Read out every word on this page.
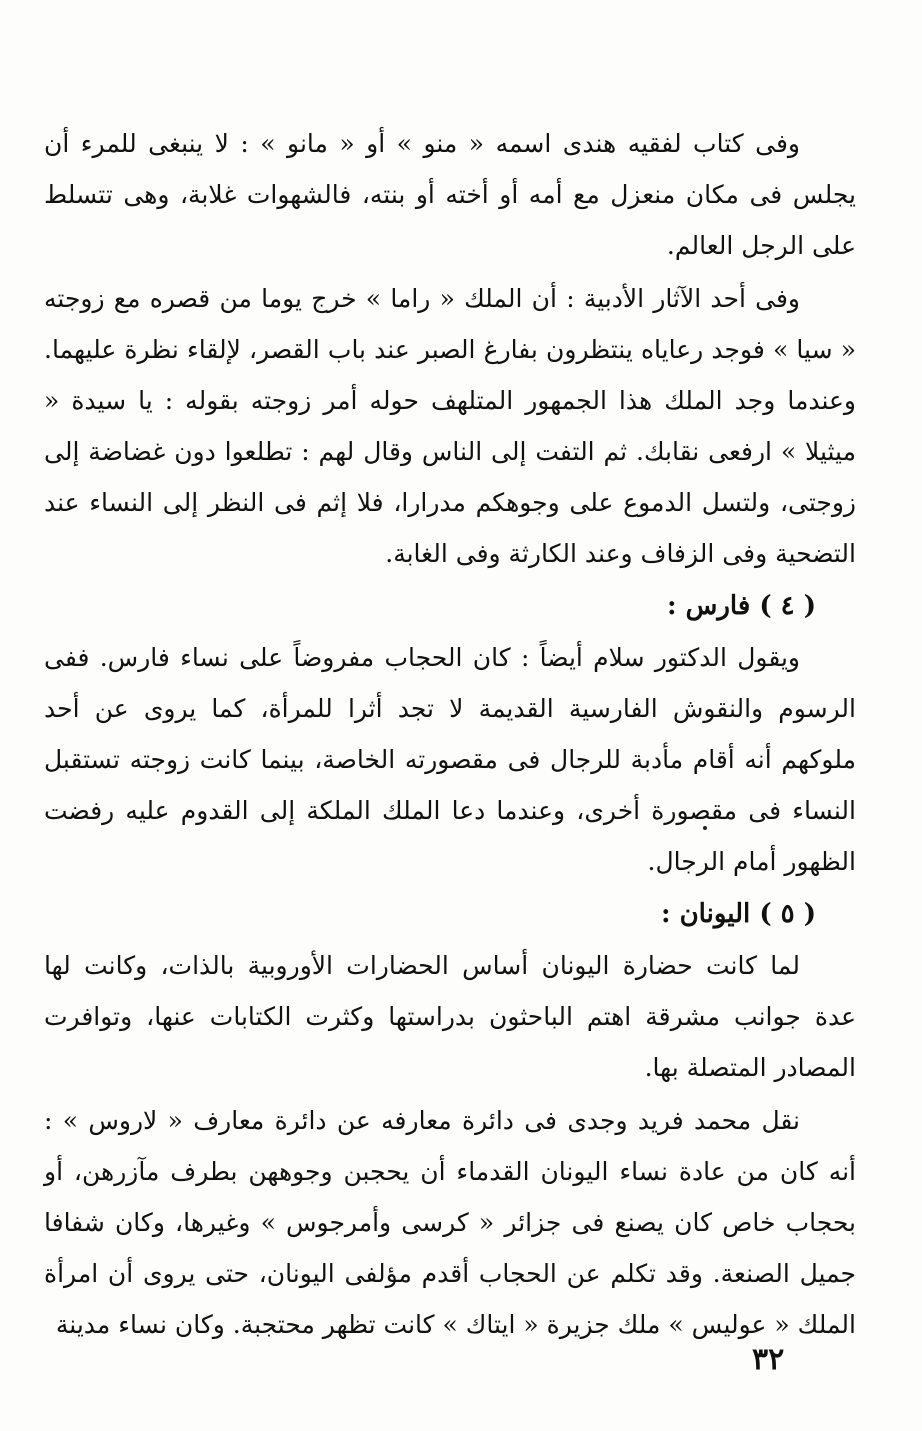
وفى كتاب لفقيه هندى اسمه « منو » أو « مانو » : لا ينبغى للمرء أن يجلس فى مكان منعزل مع أمه أو أخته أو بنته، فالشهوات غلابة، وهى تتسلط على الرجل العالم.

وفى أحد الآثار الأدبية : أن الملك « راما » خرج يوما من قصره مع زوجته « سيا » فوجد رعاياه ينتظرون بفارغ الصبر عند باب القصر، لإلقاء نظرة عليهما. وعندما وجد الملك هذا الجمهور المتلهف حوله أمر زوجته بقوله : يا سيدة « ميثيلا » ارفعى نقابك. ثم التفت إلى الناس وقال لهم : تطلعوا دون غضاضة إلى زوجتى، ولتسل الدموع على وجوهكم مدرارا، فلا إثم فى النظر إلى النساء عند التضحية وفى الزفاف وعند الكارثة وفى الغابة.

( ٤ ) فارس :

ويقول الدكتور سلام أيضاً : كان الحجاب مفروضاً على نساء فارس. ففى الرسوم والنقوش الفارسية القديمة لا تجد أثرا للمرأة، كما يروى عن أحد ملوكهم أنه أقام مأدبة للرجال فى مقصورته الخاصة، بينما كانت زوجته تستقبل النساء فى مقصورة أخرى، وعندما دعا الملك الملكة إلى القدوم عليه رفضت الظهور أمام الرجال.

( ٥ ) اليونان :

لما كانت حضارة اليونان أساس الحضارات الأوروبية بالذات، وكانت لها عدة جوانب مشرقة اهتم الباحثون بدراستها وكثرت الكتابات عنها، وتوافرت المصادر المتصلة بها.

نقل محمد فريد وجدى فى دائرة معارفه عن دائرة معارف « لاروس » : أنه كان من عادة نساء اليونان القدماء أن يحجبن وجوههن بطرف مآزرهن، أو بحجاب خاص كان يصنع فى جزائر « كرسى وأمرجوس » وغيرها، وكان شفافا جميل الصنعة. وقد تكلم عن الحجاب أقدم مؤلفى اليونان، حتى يروى أن امرأة الملك « عوليس » ملك جزيرة « ايتاك » كانت تظهر محتجبة. وكان نساء مدينة

٣٢
